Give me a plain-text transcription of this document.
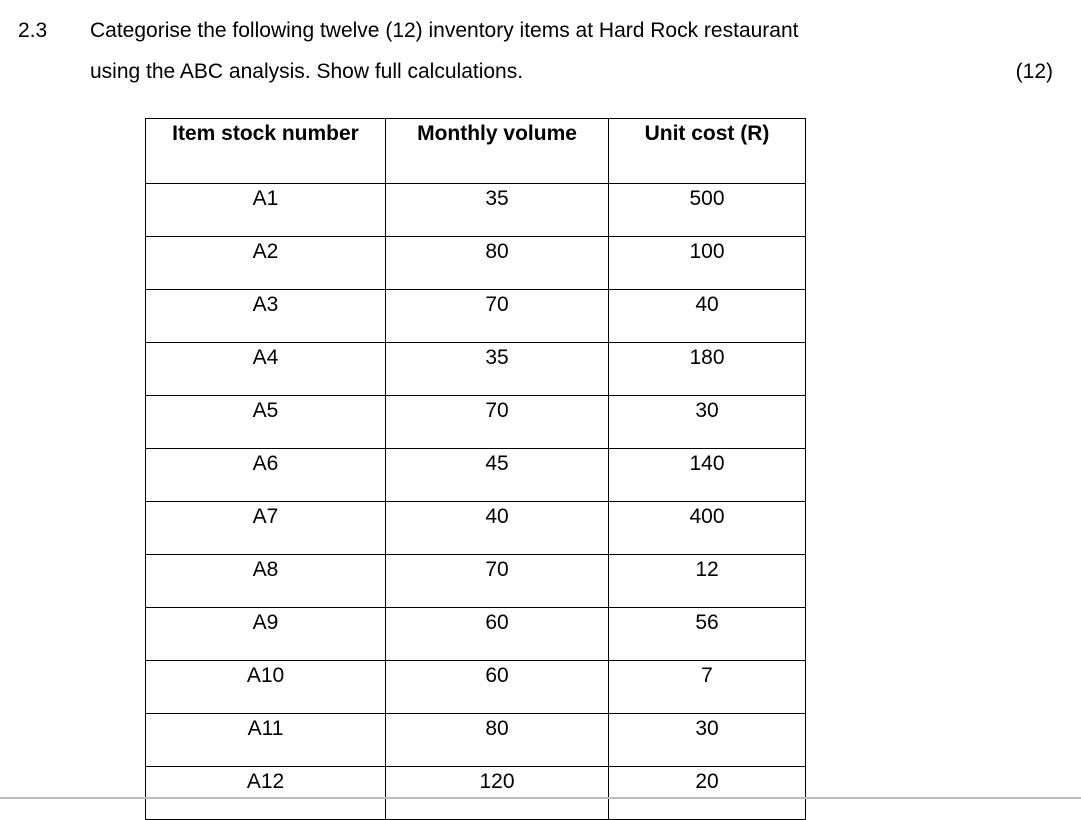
2.3 Categorise the following twelve (12) inventory items at Hard Rock restaurant
using the ABC analysis. Show full calculations.	(12)
Item stock number	Monthly volume	Unit cost (R)
A1	35	500
A2	80	100
A3	70	40
A4	35	180
A5	70	30
A6	45	140
A7	40	400
A8	70	12
A9	60	56
A10	60	7
A11	80	30
A12	120	20
